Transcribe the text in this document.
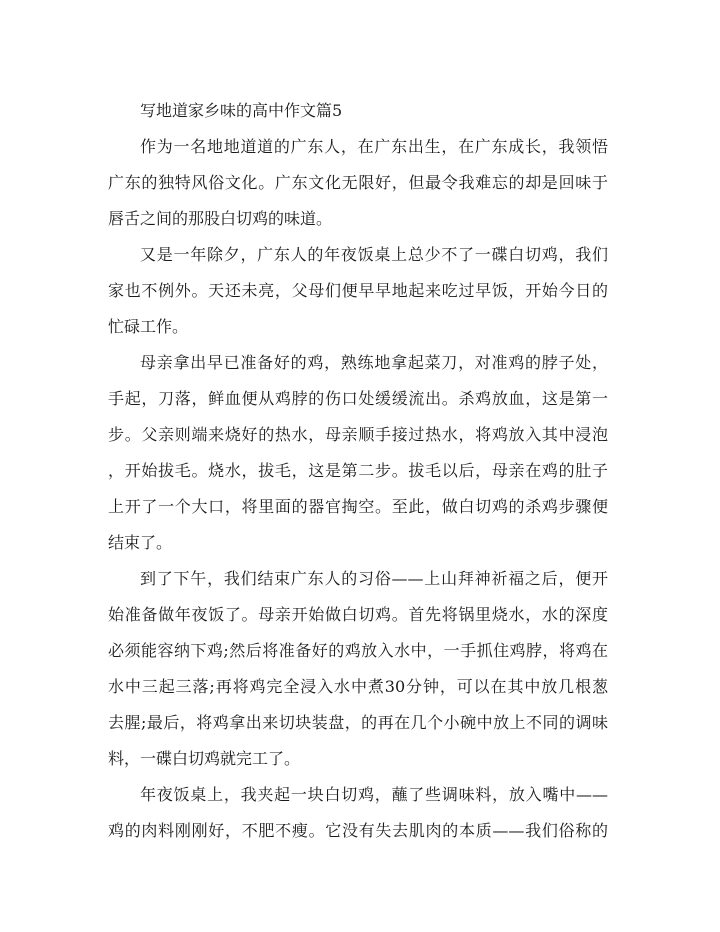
写地道家乡味的高中作文篇5
作为一名地地道道的广东人，在广东出生，在广东成长，我领悟
广东的独特风俗文化。广东文化无限好，但最令我难忘的却是回味于
唇舌之间的那股白切鸡的味道。
又是一年除夕，广东人的年夜饭桌上总少不了一碟白切鸡，我们
家也不例外。天还未亮，父母们便早早地起来吃过早饭，开始今日的
忙碌工作。
母亲拿出早已准备好的鸡，熟练地拿起菜刀，对准鸡的脖子处，
手起，刀落，鲜血便从鸡脖的伤口处缓缓流出。杀鸡放血，这是第一
步。父亲则端来烧好的热水，母亲顺手接过热水，将鸡放入其中浸泡
，开始拔毛。烧水，拔毛，这是第二步。拔毛以后，母亲在鸡的肚子
上开了一个大口，将里面的器官掏空。至此，做白切鸡的杀鸡步骤便
结束了。
到了下午，我们结束广东人的习俗——上山拜神祈福之后，便开
始准备做年夜饭了。母亲开始做白切鸡。首先将锅里烧水，水的深度
必须能容纳下鸡;然后将准备好的鸡放入水中，一手抓住鸡脖，将鸡在
水中三起三落;再将鸡完全浸入水中煮30分钟，可以在其中放几根葱
去腥;最后，将鸡拿出来切块装盘，的再在几个小碗中放上不同的调味
料，一碟白切鸡就完工了。
年夜饭桌上，我夹起一块白切鸡，蘸了些调味料，放入嘴中——
鸡的肉料刚刚好，不肥不瘦。它没有失去肌肉的本质——我们俗称的
